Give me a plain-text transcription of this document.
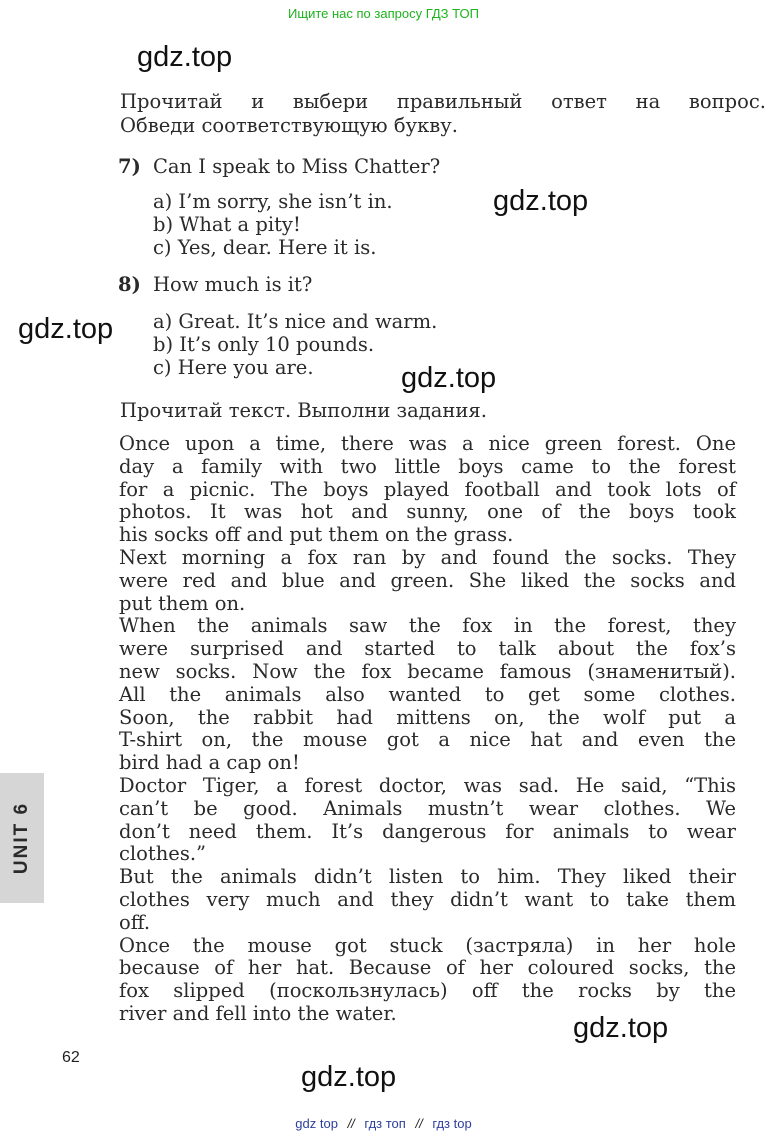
Ищите нас по запросу ГДЗ ТОП
gdz.top
gdz.top
gdz.top
gdz.top
gdz.top
gdz.top
Прочитай и выбери правильный ответ на вопрос.
Обведи соответствующую букву.
7) Can I speak to Miss Chatter?
a) I’m sorry, she isn’t in.
b) What a pity!
c) Yes, dear. Here it is.
8) How much is it?
a) Great. It’s nice and warm.
b) It’s only 10 pounds.
c) Here you are.
Прочитай текст. Выполни задания.
Once upon a time, there was a nice green forest. One
day a family with two little boys came to the forest
for a picnic. The boys played football and took lots of
photos. It was hot and sunny, one of the boys took
his socks off and put them on the grass.
Next morning a fox ran by and found the socks. They
were red and blue and green. She liked the socks and
put them on.
When the animals saw the fox in the forest, they
were surprised and started to talk about the fox’s
new socks. Now the fox became famous (знаменитый).
All the animals also wanted to get some clothes.
Soon, the rabbit had mittens on, the wolf put a
T-shirt on, the mouse got a nice hat and even the
bird had a cap on!
Doctor Tiger, a forest doctor, was sad. He said, “This
can’t be good. Animals mustn’t wear clothes. We
don’t need them. It’s dangerous for animals to wear
clothes.”
But the animals didn’t listen to him. They liked their
clothes very much and they didn’t want to take them
off.
Once the mouse got stuck (застряла) in her hole
because of her hat. Because of her coloured socks, the
fox slipped (поскользнулась) off the rocks by the
river and fell into the water.
UNIT 6
62
gdz top // гдз топ // гдз top
